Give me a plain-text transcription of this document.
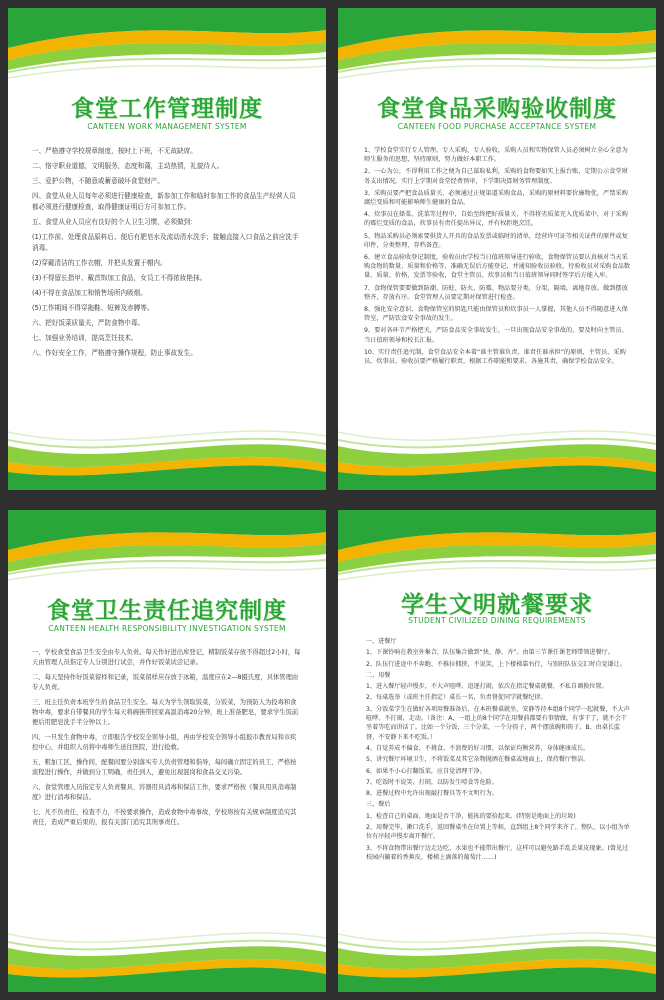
食堂工作管理制度
CANTEEN WORK MANAGEMENT SYSTEM

一、严格遵守学校规章制度，按时上下班，不无故缺席。

二、恪守职业道德，文明服务，态度和蔼，主动热情，礼貌待人。

三、爱护公物，不随意或蓄意破坏食堂财产。

四、食堂从业人员每年必须进行健康检查，新参加工作和临时参加工作的食品生产经营人员都必须进行健康检查，取得健康证明后方可参加工作。

五、食堂从业人员应有良好的个人卫生习惯，必须做到：

(1)工作前、处理食品原料后、便后有肥皂水及流动清水洗手；接触直接入口食品之前应洗手消毒。

(2)穿戴清洁的工作衣帽，并把头发置于帽内。

(3)不得留长指甲、戴首饰加工食品，女员工不得浓妆艳抹。

(4)不得在食品加工和销售场所内吸烟。

(5)工作期间不得穿拖鞋、短裤及赤膊等。

六、把好饭菜质量关，严防食物中毒。

七、加强业务培训，提高烹饪技术。

八、作好安全工作，严格遵守操作规程，防止事故发生。

食堂食品采购验收制度
CANTEEN FOOD PURCHASE ACCEPTANCE SYSTEM

1、学校食堂实行专人管理，专人采购、专人验收，采购人员和实物保管人员必须树立全心全意为师生服务的思想，坚持原则，努力做好本职工作。

2、一心为公，不得利用工作之便为自己谋取私利，采购的食物要如实上报台账，定期公示食堂财务支出情况，实行上学期对食堂经费预审，下学期决算财务管理制度。

3、采购员要严把食品质量关，必须通过正规渠道采购食品，采购的原材料要价廉物优，严禁采购腐烂变质和可能影响师生健康的食品。

4、炊事员在择菜、洗菜等过程中，自始至终把好质量关，不得将劣质菜充入优质菜中，对于采购的霉烂变质的食品，炊事员有责任提出异议，并有权拒绝烹饪。

5、物品采购员必须索要供货人开具的食品发票或临时的清单，经营许可证等相关证件的原件或复印件，分类整理，存档备查。

6、建立食品验收登记制度，验收员由学校当日值班领导进行验收，食物保管员要认真核对当天采购食物的数量、质量和价格等，准确无误后方能登记，并通知验收员验收，待验收员对采购食品数量、质量、价格、发票等验收，食堂主管员、炊事员和当日值班领导同时签字后方能入库。

7、食物保管要要做到防潮、防蛀、防火、防霉、物品要分类，分架，隔墙，离地存放。做到摆放整齐，存放有序。食堂管理人员要定期对保管进行检查。

8、强化安全意识，食物保管室的钥匙只能由保管员和炊事员一人掌握，其他人员不得随意进入保管室，严防饮食安全事故的发生。

9、要对各环节严格把关，严防食品安全事故发生，一旦出现食品安全事故的，要及时向主管员、当日值班领导和校长汇报。

10、实行责任追究制，食堂食品安全本着“谁主管谁负责、谁责任谁承担”的原则，主管员、采购员、炊事员、验收员要严格履行职责，根据工作职能和要求，各施其责，确保学校食品安全。

食堂卫生责任追究制度
CANTEEN HEALTH RESPONSIBILITY INVESTIGATION SYSTEM

一、学校食堂食品卫生安全由专人负责。每天作好进出库登记，精制饭菜存放不得超过2小时，每天由管理人员指定专人分别进行试尝，并作好饭菜试尝记录。

二、每天坚持作好饭菜留样和记录，饭菜留样应存放于冰箱，温度应在2—8摄氏度，具体管理由专人负责。

三、班主任负责本班学生的食品卫生安全。每天为学生领取饭菜，分饭菜，为预防人为投毒和食物中毒，要求自带餐具的学生每天将碗筷带回家高温消毒20分钟，班上准备肥皂，要求学生饭前便后用肥皂洗手半分钟以上。

四、一旦发生食物中毒，立即报告学校安全领导小组，再由学校安全领导小组报市教育局和市疾控中心，并组织人员将中毒师生送往医院，进行抢救。

五、粗加工区，操作间，配餐间要分别落实专人负责管理和指导，每间确立固定的员工，严格按流程进行操作，并做到分工明确，责任到人，避免出现混岗和食品交叉污染。

六、食堂管理人员指定专人负责餐具、容器用具消毒和保洁工作，要求严格按《餐具用具消毒制度》进行消毒和保洁。

七、凡不负责任，检查不力，不按要求操作，造成食物中毒事故，学校将按有关规章制度追究其责任，造成严重后果的，报有关部门追究其刑事责任。

学生文明就餐要求
STUDENT CIVILIZED DINING REQUIREMENTS

一、进餐厅

1、下课铃响在教室外集合，队伍集合做到“快、静、齐”。由第三节课任课老师带领进餐厅。

2、队伍行进途中不奔跑、不推拉拥挤，不说笑，上下楼梯靠右行，与别班队伍交汇时自觉谦让。

二、用餐

1、进入餐厅轻声慢步，不大声喧哗、追逐打闹，依次在指定餐桌就餐，不私自调换位置。

2、每桌选举（或班主任指定）桌长一名，负责督促同学就餐纪律。

3、分饭菜学生在做好各项用餐准备后，在本班餐桌就坐，安静等待本组8个同学一起就餐，不大声喧哗、不打闹，走动。（备注：A、一组上的8个同学在用餐前都要有事情做，有事干了，就不会干坐着等吃而讲话了。比如一个分饭，三个分菜，一个分筷子，两个摆放碗和筷子。B、由桌长监督，不安静下来不吃饭。）

4、自觉养成不偏食、不挑食、不浪费的好习惯，以保证均衡营养，身体健康成长。

5、讲究餐厅环境卫生，不将饭菜及其它杂物抛洒在餐桌或地面上，保持餐厅整洁。

6、如果不小心打翻饭菜，应自觉清理干净。

7、吃饭时不说笑、打闹，以防发生噎食等危险。

8、进餐过程中允许出现敲打餐具等不文明行为。

三、餐后

1、检查自己的桌面、地面是否干净，能拣的要拾起来。(特别是地面上的垃圾)

2、用餐完毕，漱口洗手，返回餐桌坐在位置上等候，直到组上8个同学来齐了，整队，以小组为单位有序轻声慢步离开餐厅。

3、不将食物带出餐厅边走边吃，水果也不能带出餐厅，这样可以避免路手乱丢果皮现象。(曾见过校园内躺着的香蕉皮，楼梯上滴落的葡萄汁……)
